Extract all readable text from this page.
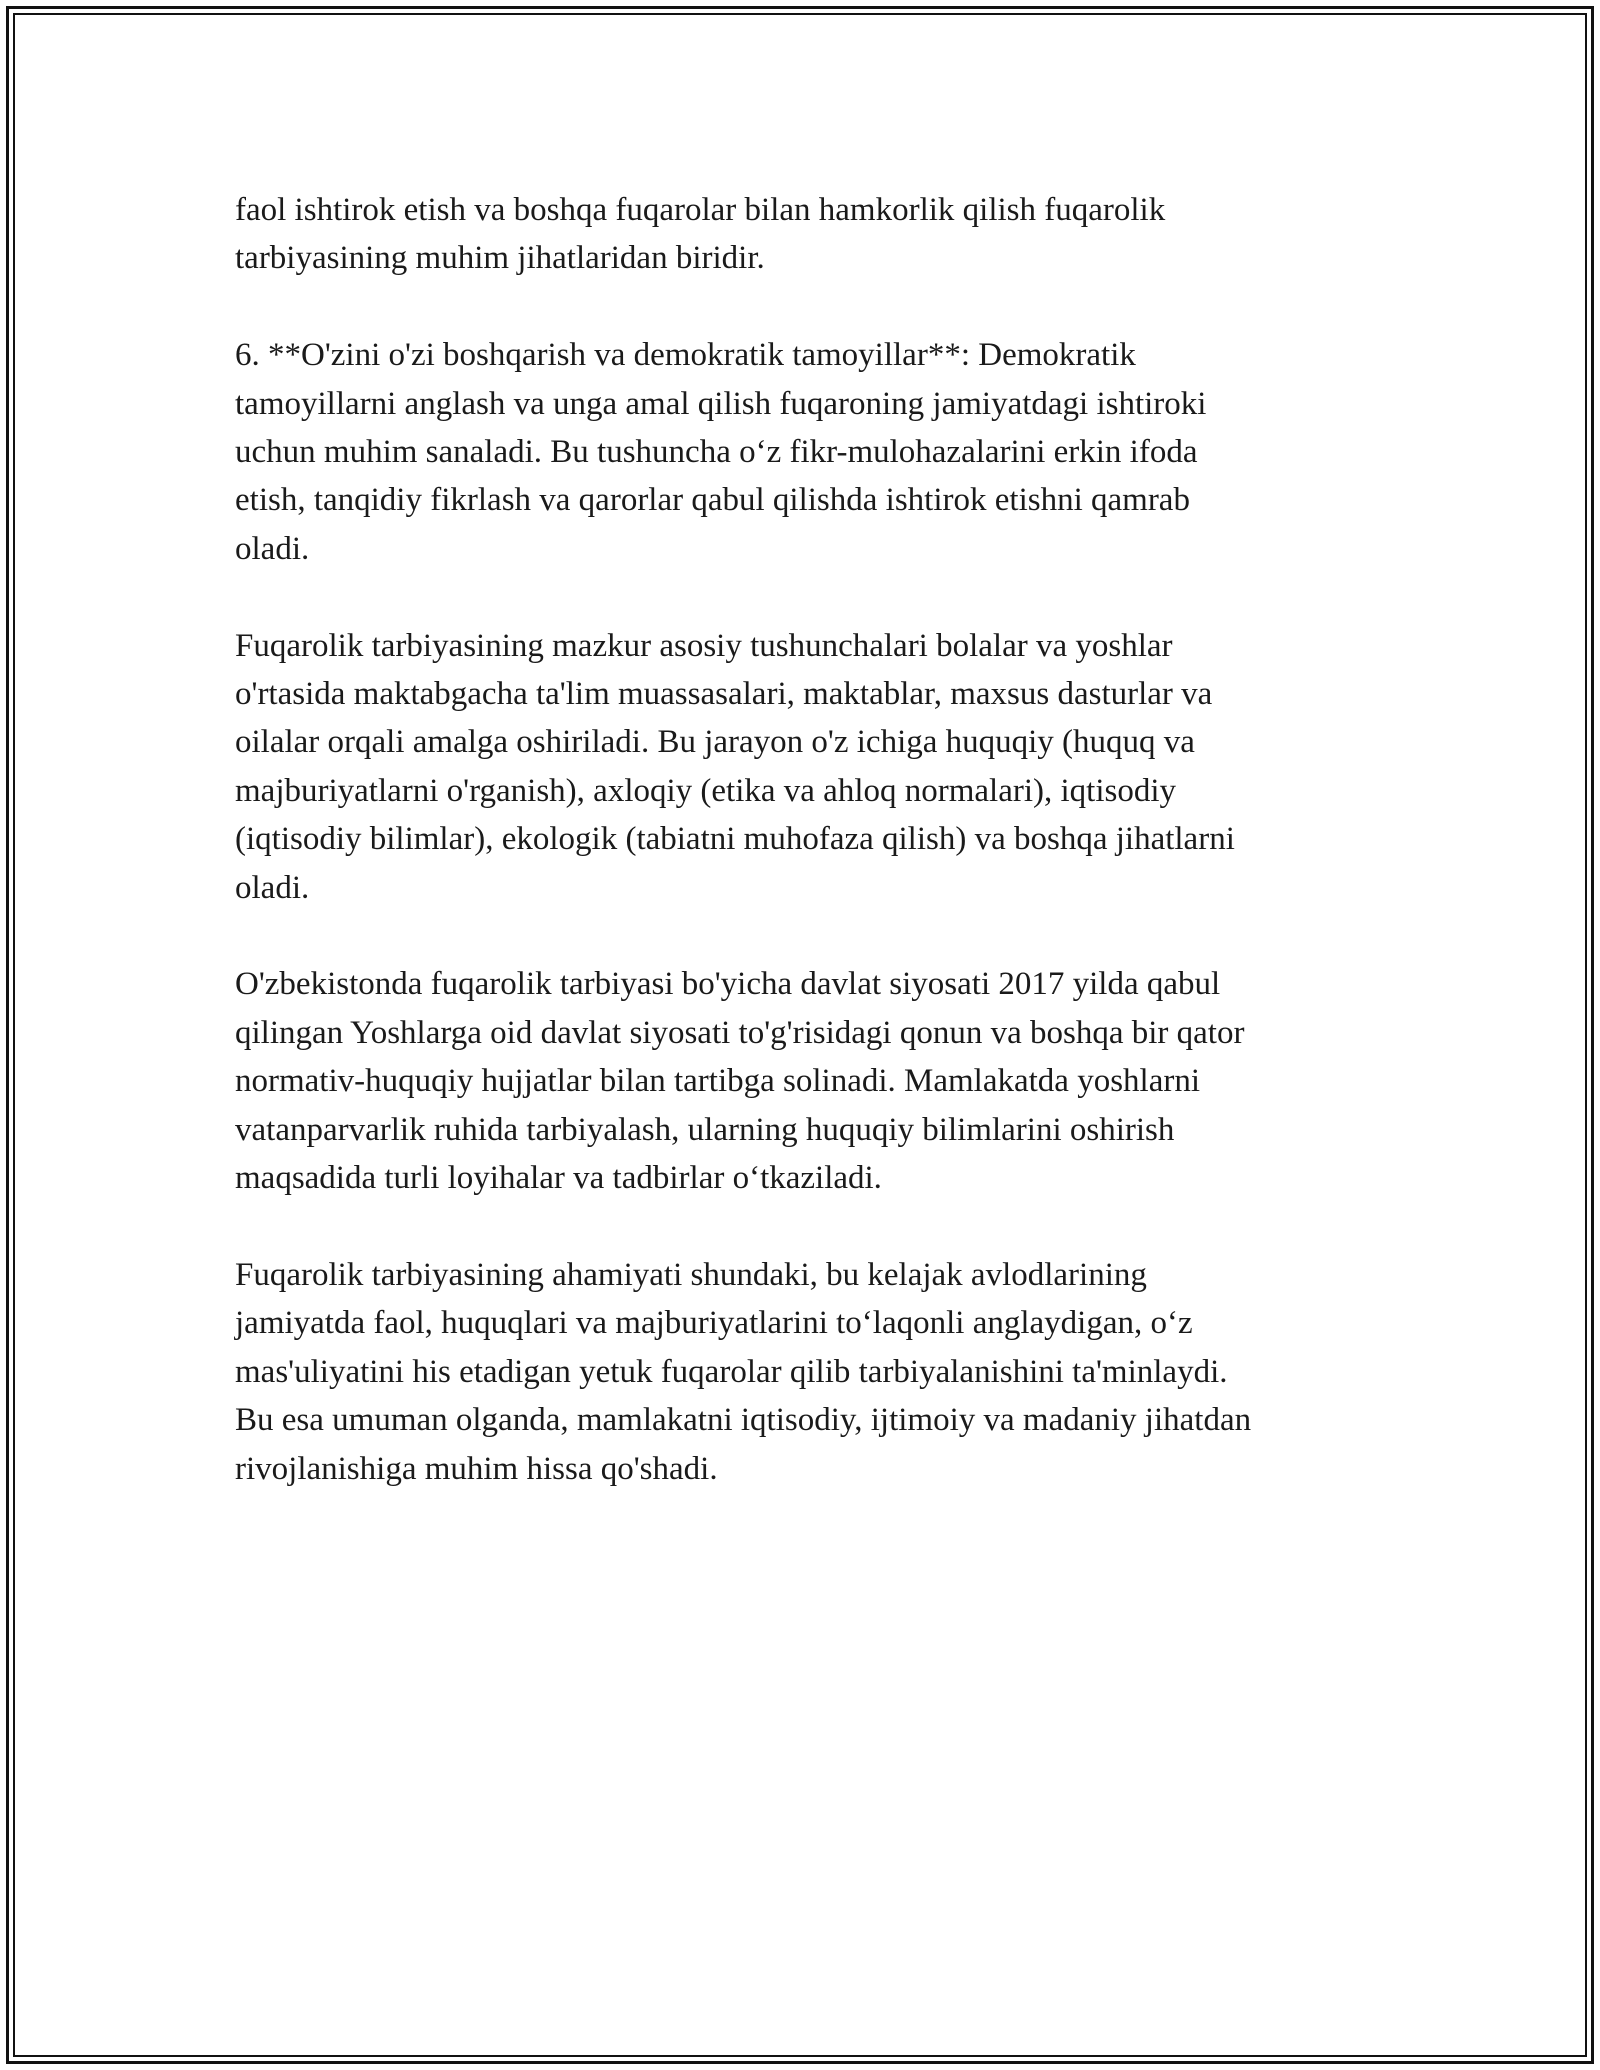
faol ishtirok etish va boshqa fuqarolar bilan hamkorlik qilish fuqarolik
tarbiyasining muhim jihatlaridan biridir.

6. **O'zini o'zi boshqarish va demokratik tamoyillar**: Demokratik
tamoyillarni anglash va unga amal qilish fuqaroning jamiyatdagi ishtiroki
uchun muhim sanaladi. Bu tushuncha o‘z fikr-mulohazalarini erkin ifoda
etish, tanqidiy fikrlash va qarorlar qabul qilishda ishtirok etishni qamrab
oladi.

Fuqarolik tarbiyasining mazkur asosiy tushunchalari bolalar va yoshlar
o'rtasida maktabgacha ta'lim muassasalari, maktablar, maxsus dasturlar va
oilalar orqali amalga oshiriladi. Bu jarayon o'z ichiga huquqiy (huquq va
majburiyatlarni o'rganish), axloqiy (etika va ahloq normalari), iqtisodiy
(iqtisodiy bilimlar), ekologik (tabiatni muhofaza qilish) va boshqa jihatlarni
oladi.

O'zbekistonda fuqarolik tarbiyasi bo'yicha davlat siyosati 2017 yilda qabul
qilingan Yoshlarga oid davlat siyosati to'g'risidagi qonun va boshqa bir qator
normativ-huquqiy hujjatlar bilan tartibga solinadi. Mamlakatda yoshlarni
vatanparvarlik ruhida tarbiyalash, ularning huquqiy bilimlarini oshirish
maqsadida turli loyihalar va tadbirlar o‘tkaziladi.

Fuqarolik tarbiyasining ahamiyati shundaki, bu kelajak avlodlarining
jamiyatda faol, huquqlari va majburiyatlarini to‘laqonli anglaydigan, o‘z
mas'uliyatini his etadigan yetuk fuqarolar qilib tarbiyalanishini ta'minlaydi.
Bu esa umuman olganda, mamlakatni iqtisodiy, ijtimoiy va madaniy jihatdan
rivojlanishiga muhim hissa qo'shadi.
